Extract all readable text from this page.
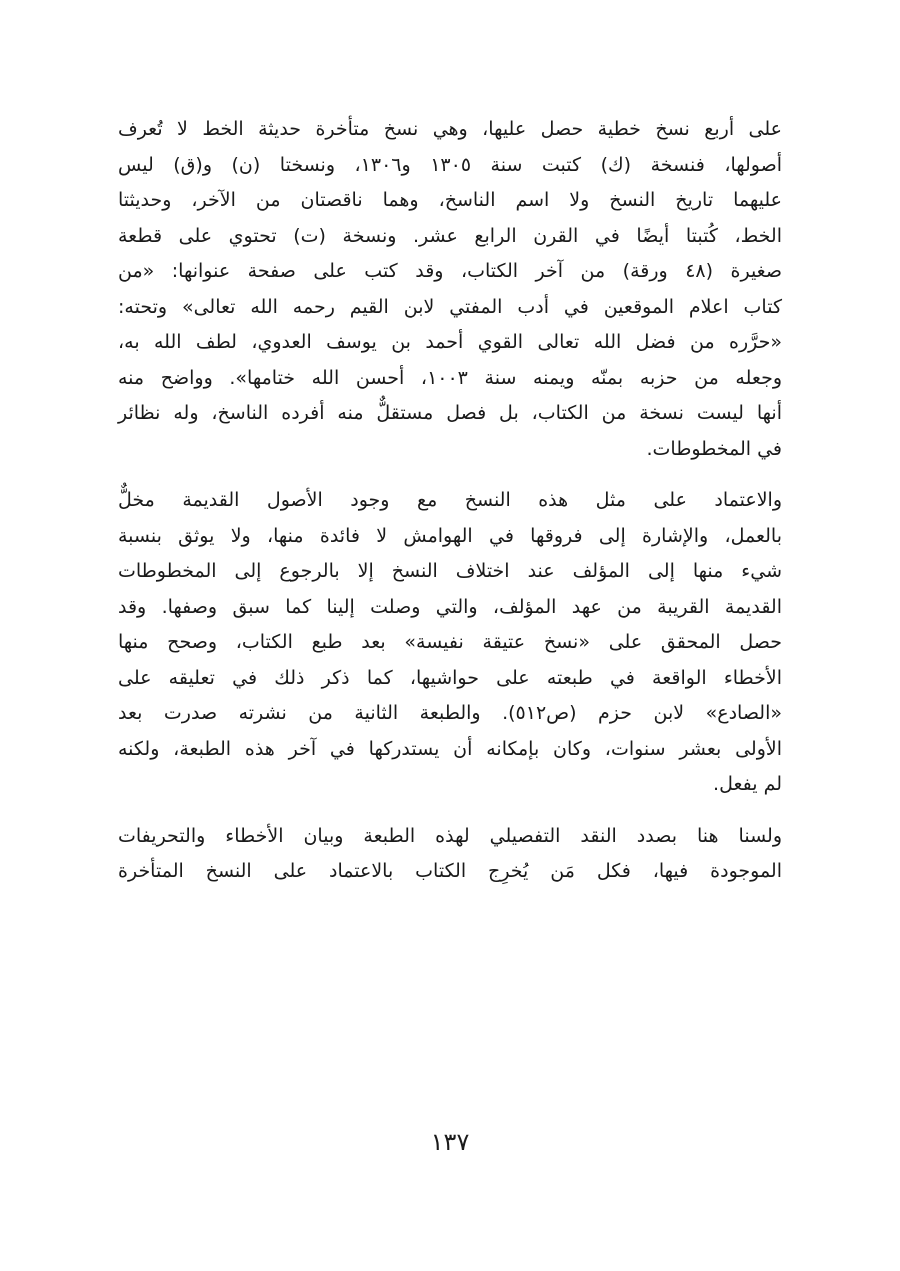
على أربع نسخ خطية حصل عليها، وهي نسخ متأخرة حديثة الخط لا تُعرف
أصولها، فنسخة (ك) كتبت سنة ١٣٠٥ و١٣٠٦، ونسختا (ن) و(ق) ليس
عليهما تاريخ النسخ ولا اسم الناسخ، وهما ناقصتان من الآخر، وحديثتا
الخط، كُتبتا أيضًا في القرن الرابع عشر. ونسخة (ت) تحتوي على قطعة
صغيرة (٤٨ ورقة) من آخر الكتاب، وقد كتب على صفحة عنوانها: «من
كتاب اعلام الموقعين في أدب المفتي لابن القيم رحمه الله تعالى» وتحته:
«حرَّره من فضل الله تعالى القوي أحمد بن يوسف العدوي، لطف الله به،
وجعله من حزبه بمنّه ويمنه سنة ١٠٠٣، أحسن الله ختامها». وواضح منه
أنها ليست نسخة من الكتاب، بل فصل مستقلٌّ منه أفرده الناسخ، وله نظائر
في المخطوطات.

والاعتماد على مثل هذه النسخ مع وجود الأصول القديمة مخلٌّ
بالعمل، والإشارة إلى فروقها في الهوامش لا فائدة منها، ولا يوثق بنسبة
شيء منها إلى المؤلف عند اختلاف النسخ إلا بالرجوع إلى المخطوطات
القديمة القريبة من عهد المؤلف، والتي وصلت إلينا كما سبق وصفها. وقد
حصل المحقق على «نسخ عتيقة نفيسة» بعد طبع الكتاب، وصحح منها
الأخطاء الواقعة في طبعته على حواشيها، كما ذكر ذلك في تعليقه على
«الصادع» لابن حزم (ص٥١٢). والطبعة الثانية من نشرته صدرت بعد
الأولى بعشر سنوات، وكان بإمكانه أن يستدركها في آخر هذه الطبعة، ولكنه
لم يفعل.

ولسنا هنا بصدد النقد التفصيلي لهذه الطبعة وبيان الأخطاء والتحريفات
الموجودة فيها، فكل مَن يُخرِج الكتاب بالاعتماد على النسخ المتأخرة

١٣٧
